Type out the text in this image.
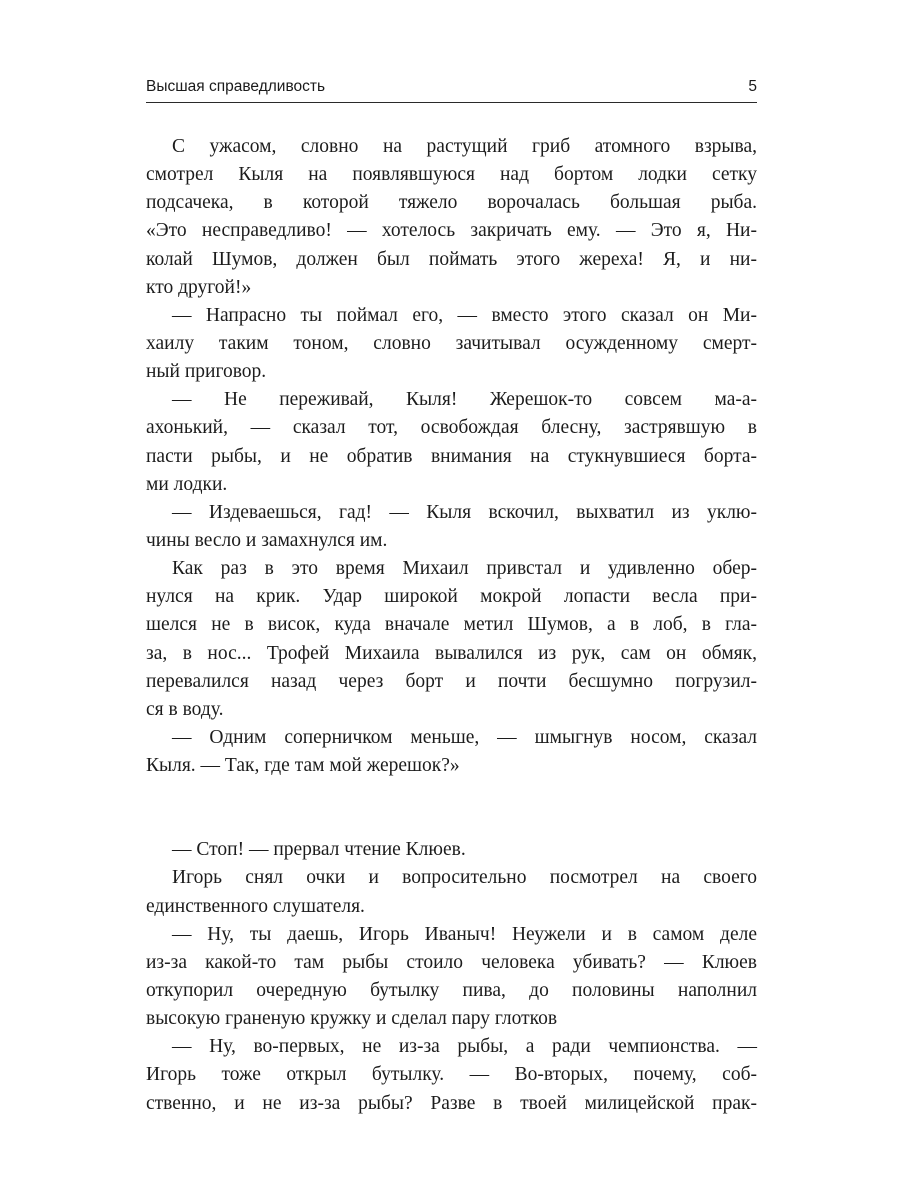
Высшая справедливость	5
С ужасом, словно на растущий гриб атомного взрыва,
смотрел Кыля на появлявшуюся над бортом лодки сетку
подсачека, в которой тяжело ворочалась большая рыба.
«Это несправедливо! — хотелось закричать ему. — Это я, Ни-
колай Шумов, должен был поймать этого жереха! Я, и ни-
кто другой!»
— Напрасно ты поймал его, — вместо этого сказал он Ми-
хаилу таким тоном, словно зачитывал осужденному смерт-
ный приговор.
— Не переживай, Кыля! Жерешок-то совсем ма-а-
ахонький, — сказал тот, освобождая блесну, застрявшую в
пасти рыбы, и не обратив внимания на стукнувшиеся борта-
ми лодки.
— Издеваешься, гад! — Кыля вскочил, выхватил из уклю-
чины весло и замахнулся им.
Как раз в это время Михаил привстал и удивленно обер-
нулся на крик. Удар широкой мокрой лопасти весла при-
шелся не в висок, куда вначале метил Шумов, а в лоб, в гла-
за, в нос... Трофей Михаила вывалился из рук, сам он обмяк,
перевалился назад через борт и почти бесшумно погрузил-
ся в воду.
— Одним соперничком меньше, — шмыгнув носом, сказал
Кыля. — Так, где там мой жерешок?»
— Стоп! — прервал чтение Клюев.
Игорь снял очки и вопросительно посмотрел на своего
единственного слушателя.
— Ну, ты даешь, Игорь Иваныч! Неужели и в самом деле
из-за какой-то там рыбы стоило человека убивать? — Клюев
откупорил очередную бутылку пива, до половины наполнил
высокую граненую кружку и сделал пару глотков
— Ну, во-первых, не из-за рыбы, а ради чемпионства. —
Игорь тоже открыл бутылку. — Во-вторых, почему, соб-
ственно, и не из-за рыбы? Разве в твоей милицейской прак-
